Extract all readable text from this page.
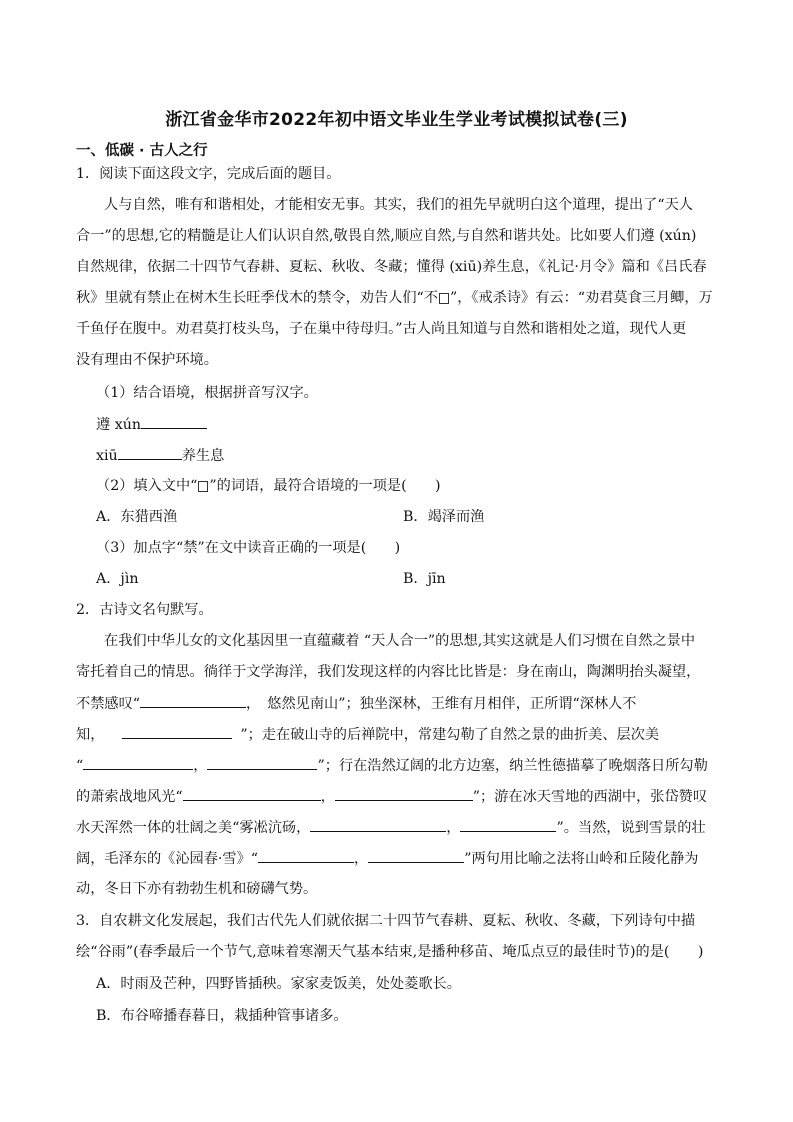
浙江省金华市2022年初中语文毕业生学业考试模拟试卷(三)
一、低碳 · 古人之行
1．阅读下面这段文字，完成后面的题目。
人与自然，唯有和谐相处，才能相安无事。其实，我们的祖先早就明白这个道理，提出了“天人
合一”的思想,它的精髓是让人们认识自然,敬畏自然,顺应自然,与自然和谐共处。比如要人们遵 (xún)
自然规律，依据二十四节气春耕、夏耘、秋收、冬藏；懂得 (xiū)养生息，《礼记·月令》篇和《吕氏春
秋》里就有禁止在树木生长旺季伐木的禁令，劝告人们“不 ”，《戒杀诗》有云：“劝君莫食三月鲫，万
千鱼仔在腹中。劝君莫打枝头鸟，子在巢中待母归。”古人尚且知道与自然和谐相处之道，现代人更
没有理由不保护环境。
（1）结合语境，根据拼音写汉字。
遵 xún
xiū	养生息
（2）填入文中“ ”的词语，最符合语境的一项是(　　)
A．东猎西渔	B．竭泽而渔
（3）加点字“禁”在文中读音正确的一项是(　　)
A．jìn	B．jīn
2．古诗文名句默写。
在我们中华儿女的文化基因里一直蕴藏着 “天人合一”的思想,其实这就是人们习惯在自然之景中
寄托着自己的情思。徜徉于文学海洋，我们发现这样的内容比比皆是：身在南山，陶渊明抬头凝望，
不禁感叹“	，　悠然见南山”；独坐深林，王维有月相伴，正所谓“深林人不
知，	”；走在破山寺的后禅院中，常建勾勒了自然之景的曲折美、层次美
“	，	”；行在浩然辽阔的北方边塞，纳兰性德描摹了晚烟落日所勾勒
的萧索战地风光“	，	”；游在冰天雪地的西湖中，张岱赞叹
水天浑然一体的壮阔之美“雾凇沆砀，	，	”。当然，说到雪景的壮
阔，毛泽东的《沁园春·雪》“	，	”两句用比喻之法将山岭和丘陵化静为
动，冬日下亦有勃勃生机和磅礴气势。
3．自农耕文化发展起，我们古代先人们就依据二十四节气春耕、夏耘、秋收、冬藏，下列诗句中描
绘“谷雨”(春季最后一个节气,意味着寒潮天气基本结束,是播种移苗、埯瓜点豆的最佳时节)的是(　　)
A．时雨及芒种，四野皆插秧。家家麦饭美，处处菱歌长。
B．布谷啼播春暮日，栽插种管事诸多。
